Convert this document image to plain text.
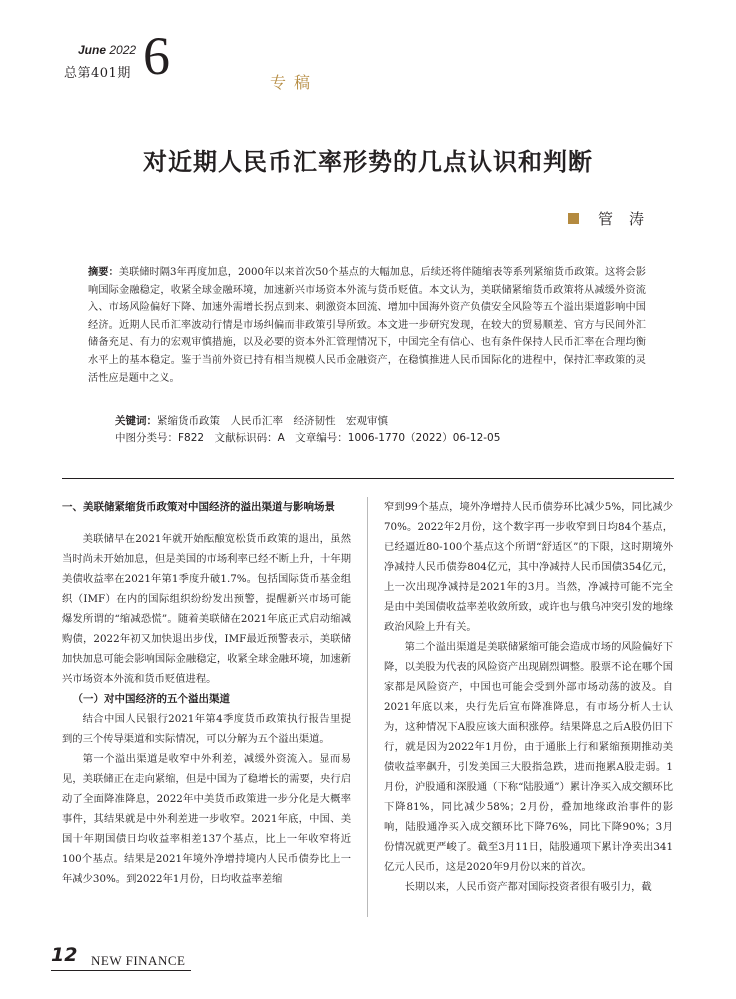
June 2022
总第401期 6	专稿
对近期人民币汇率形势的几点认识和判断
管涛
摘要：美联储时隔3年再度加息，2000年以来首次50个基点的大幅加息，后续还将伴随缩表等系列紧缩货币政策。这将会影响国际金融稳定，收紧全球金融环境，加速新兴市场资本外流与货币贬值。本文认为，美联储紧缩货币政策将从减缓外资流入、市场风险偏好下降、加速外需增长拐点到来、刺激资本回流、增加中国海外资产负债安全风险等五个溢出渠道影响中国经济。近期人民币汇率波动行情是市场纠偏而非政策引导所致。本文进一步研究发现，在较大的贸易顺差、官方与民间外汇储备充足、有力的宏观审慎措施，以及必要的资本外汇管理情况下，中国完全有信心、也有条件保持人民币汇率在合理均衡水平上的基本稳定。鉴于当前外资已持有相当规模人民币金融资产，在稳慎推进人民币国际化的进程中，保持汇率政策的灵活性应是题中之义。
关键词：紧缩货币政策　人民币汇率　经济韧性　宏观审慎
中图分类号：F822　 文献标识码：A　 文章编号：1006-1770（2022）06-12-05

一、美联储紧缩货币政策对中国经济的溢出渠道与影响场景

美联储早在2021年就开始酝酿宽松货币政策的退出，虽然当时尚未开始加息，但是美国的市场利率已经不断上升，十年期美债收益率在2021年第1季度升破1.7%。包括国际货币基金组织（IMF）在内的国际组织纷纷发出预警，提醒新兴市场可能爆发所谓的“缩减恐慌”。随着美联储在2021年底正式启动缩减购债，2022年初又加快退出步伐，IMF最近预警表示，美联储加快加息可能会影响国际金融稳定，收紧全球金融环境，加速新兴市场资本外流和货币贬值进程。

（一）对中国经济的五个溢出渠道

结合中国人民银行2021年第4季度货币政策执行报告里提到的三个传导渠道和实际情况，可以分解为五个溢出渠道。

第一个溢出渠道是收窄中外利差，减缓外资流入。显而易见，美联储正在走向紧缩，但是中国为了稳增长的需要，央行启动了全面降准降息，2022年中美货币政策进一步分化是大概率事件，其结果就是中外利差进一步收窄。2021年底，中国、美国十年期国债日均收益率相差137个基点，比上一年收窄将近100个基点。结果是2021年境外净增持境内人民币债券比上一年减少30%。到2022年1月份，日均收益率差缩

窄到99个基点，境外净增持人民币债券环比减少5%，同比减少70%。2022年2月份，这个数字再一步收窄到日均84个基点，已经逼近80-100个基点这个所谓“舒适区”的下限，这时期境外净减持人民币债券804亿元，其中净减持人民币国债354亿元，上一次出现净减持是2021年的3月。当然，净减持可能不完全是由中美国债收益率差收敛所致，或许也与俄乌冲突引发的地缘政治风险上升有关。

第二个溢出渠道是美联储紧缩可能会造成市场的风险偏好下降，以美股为代表的风险资产出现剧烈调整。股票不论在哪个国家都是风险资产，中国也可能会受到外部市场动荡的波及。自2021年底以来，央行先后宣布降准降息，有市场分析人士认为，这种情况下A股应该大面积涨停。结果降息之后A股仍旧下行，就是因为2022年1月份，由于通胀上行和紧缩预期推动美债收益率飙升，引发美国三大股指急跌，进而拖累A股走弱。1月份，沪股通和深股通（下称“陆股通”）累计净买入成交额环比下降81%，同比减少58%；2月份，叠加地缘政治事件的影响，陆股通净买入成交额环比下降76%，同比下降90%；3月份情况就更严峻了。截至3月11日，陆股通项下累计净卖出341亿元人民币，这是2020年9月份以来的首次。

长期以来，人民币资产都对国际投资者很有吸引力，截

12 NEW FINANCE
